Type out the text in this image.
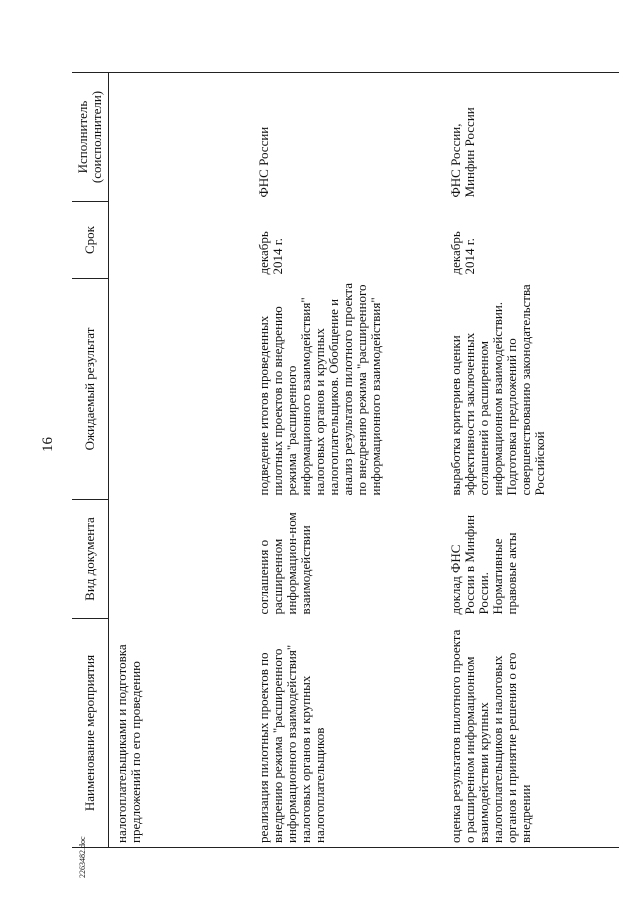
16
Наименование мероприятия	Вид документа	Ожидаемый результат	Срок	Исполнитель (соисполнители)	
налогоплательщиками и подготовка предложений по его проведению					
реализация пилотных проектов по внедрению режима "расширенного информационного взаимодействия" налоговых органов и крупных налогоплательщиков	соглашения о расширенном информацион-ном взаимодействии	подведение итогов проведенных пилотных проектов по внедрению режима "расширенного информационного взаимодействия" налоговых органов и крупных налогоплательщиков. Обобщение и анализ результатов пилотного проекта по внедрению режима "расширенного информационного взаимодействия"	декабрь 2014 г.	ФНС России	
оценка результатов пилотного проекта о расширенном информационном взаимодействии крупных налогоплательщиков и налоговых органов и принятие решения о его внедрении	доклад ФНС России в Минфин России. Нормативные правовые акты	выработка критериев оценки эффективности заключенных соглашений о расширенном информационном взаимодействии. Подготовка предложений по совершенствованию законодательства Российской	декабрь 2014 г.	ФНС России, Минфин России	
2263482.doc
